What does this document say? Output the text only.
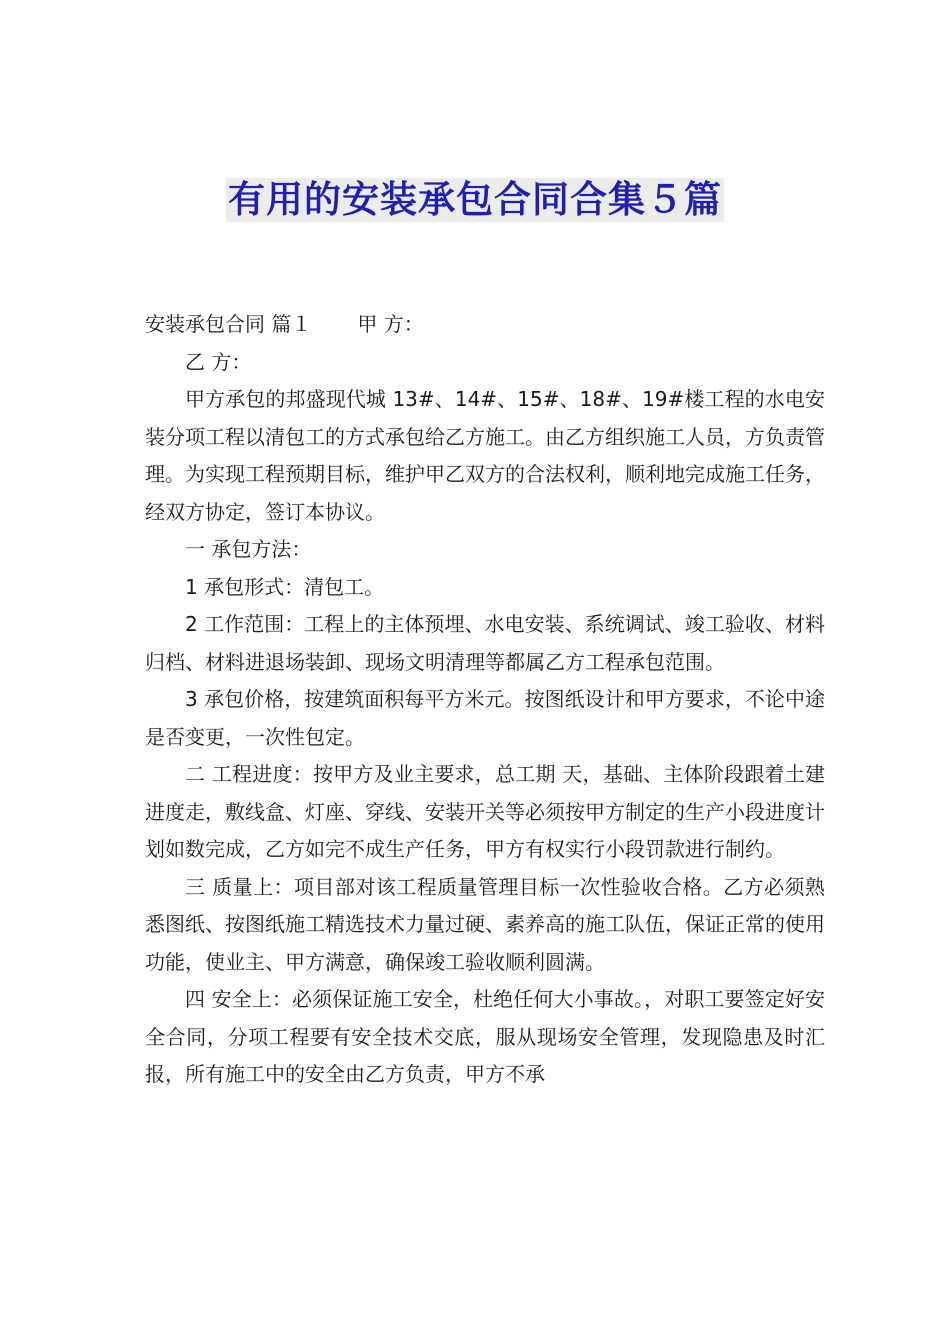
有用的安装承包合同合集５篇

安装承包合同 篇１ 甲 方：

乙 方：

甲方承包的邦盛现代城 13#、14#、15#、18#、19#楼工程的水电安装分项工程以清包工的方式承包给乙方施工。由乙方组织施工人员，方负责管理。为实现工程预期目标，维护甲乙双方的合法权利，顺利地完成施工任务，经双方协定，签订本协议。

一 承包方法：

1 承包形式：清包工。

2 工作范围：工程上的主体预埋、水电安装、系统调试、竣工验收、材料归档、材料进退场装卸、现场文明清理等都属乙方工程承包范围。

3 承包价格，按建筑面积每平方米元。按图纸设计和甲方要求，不论中途是否变更，一次性包定。

二 工程进度：按甲方及业主要求，总工期 天，基础、主体阶段跟着土建进度走，敷线盒、灯座、穿线、安装开关等必须按甲方制定的生产小段进度计划如数完成，乙方如完不成生产任务，甲方有权实行小段罚款进行制约。

三 质量上：项目部对该工程质量管理目标一次性验收合格。乙方必须熟悉图纸、按图纸施工精选技术力量过硬、素养高的施工队伍，保证正常的使用功能，使业主、甲方满意，确保竣工验收顺利圆满。

四 安全上：必须保证施工安全，杜绝任何大小事故。，对职工要签定好安全合同，分项工程要有安全技术交底，服从现场安全管理，发现隐患及时汇报，所有施工中的安全由乙方负责，甲方不承
